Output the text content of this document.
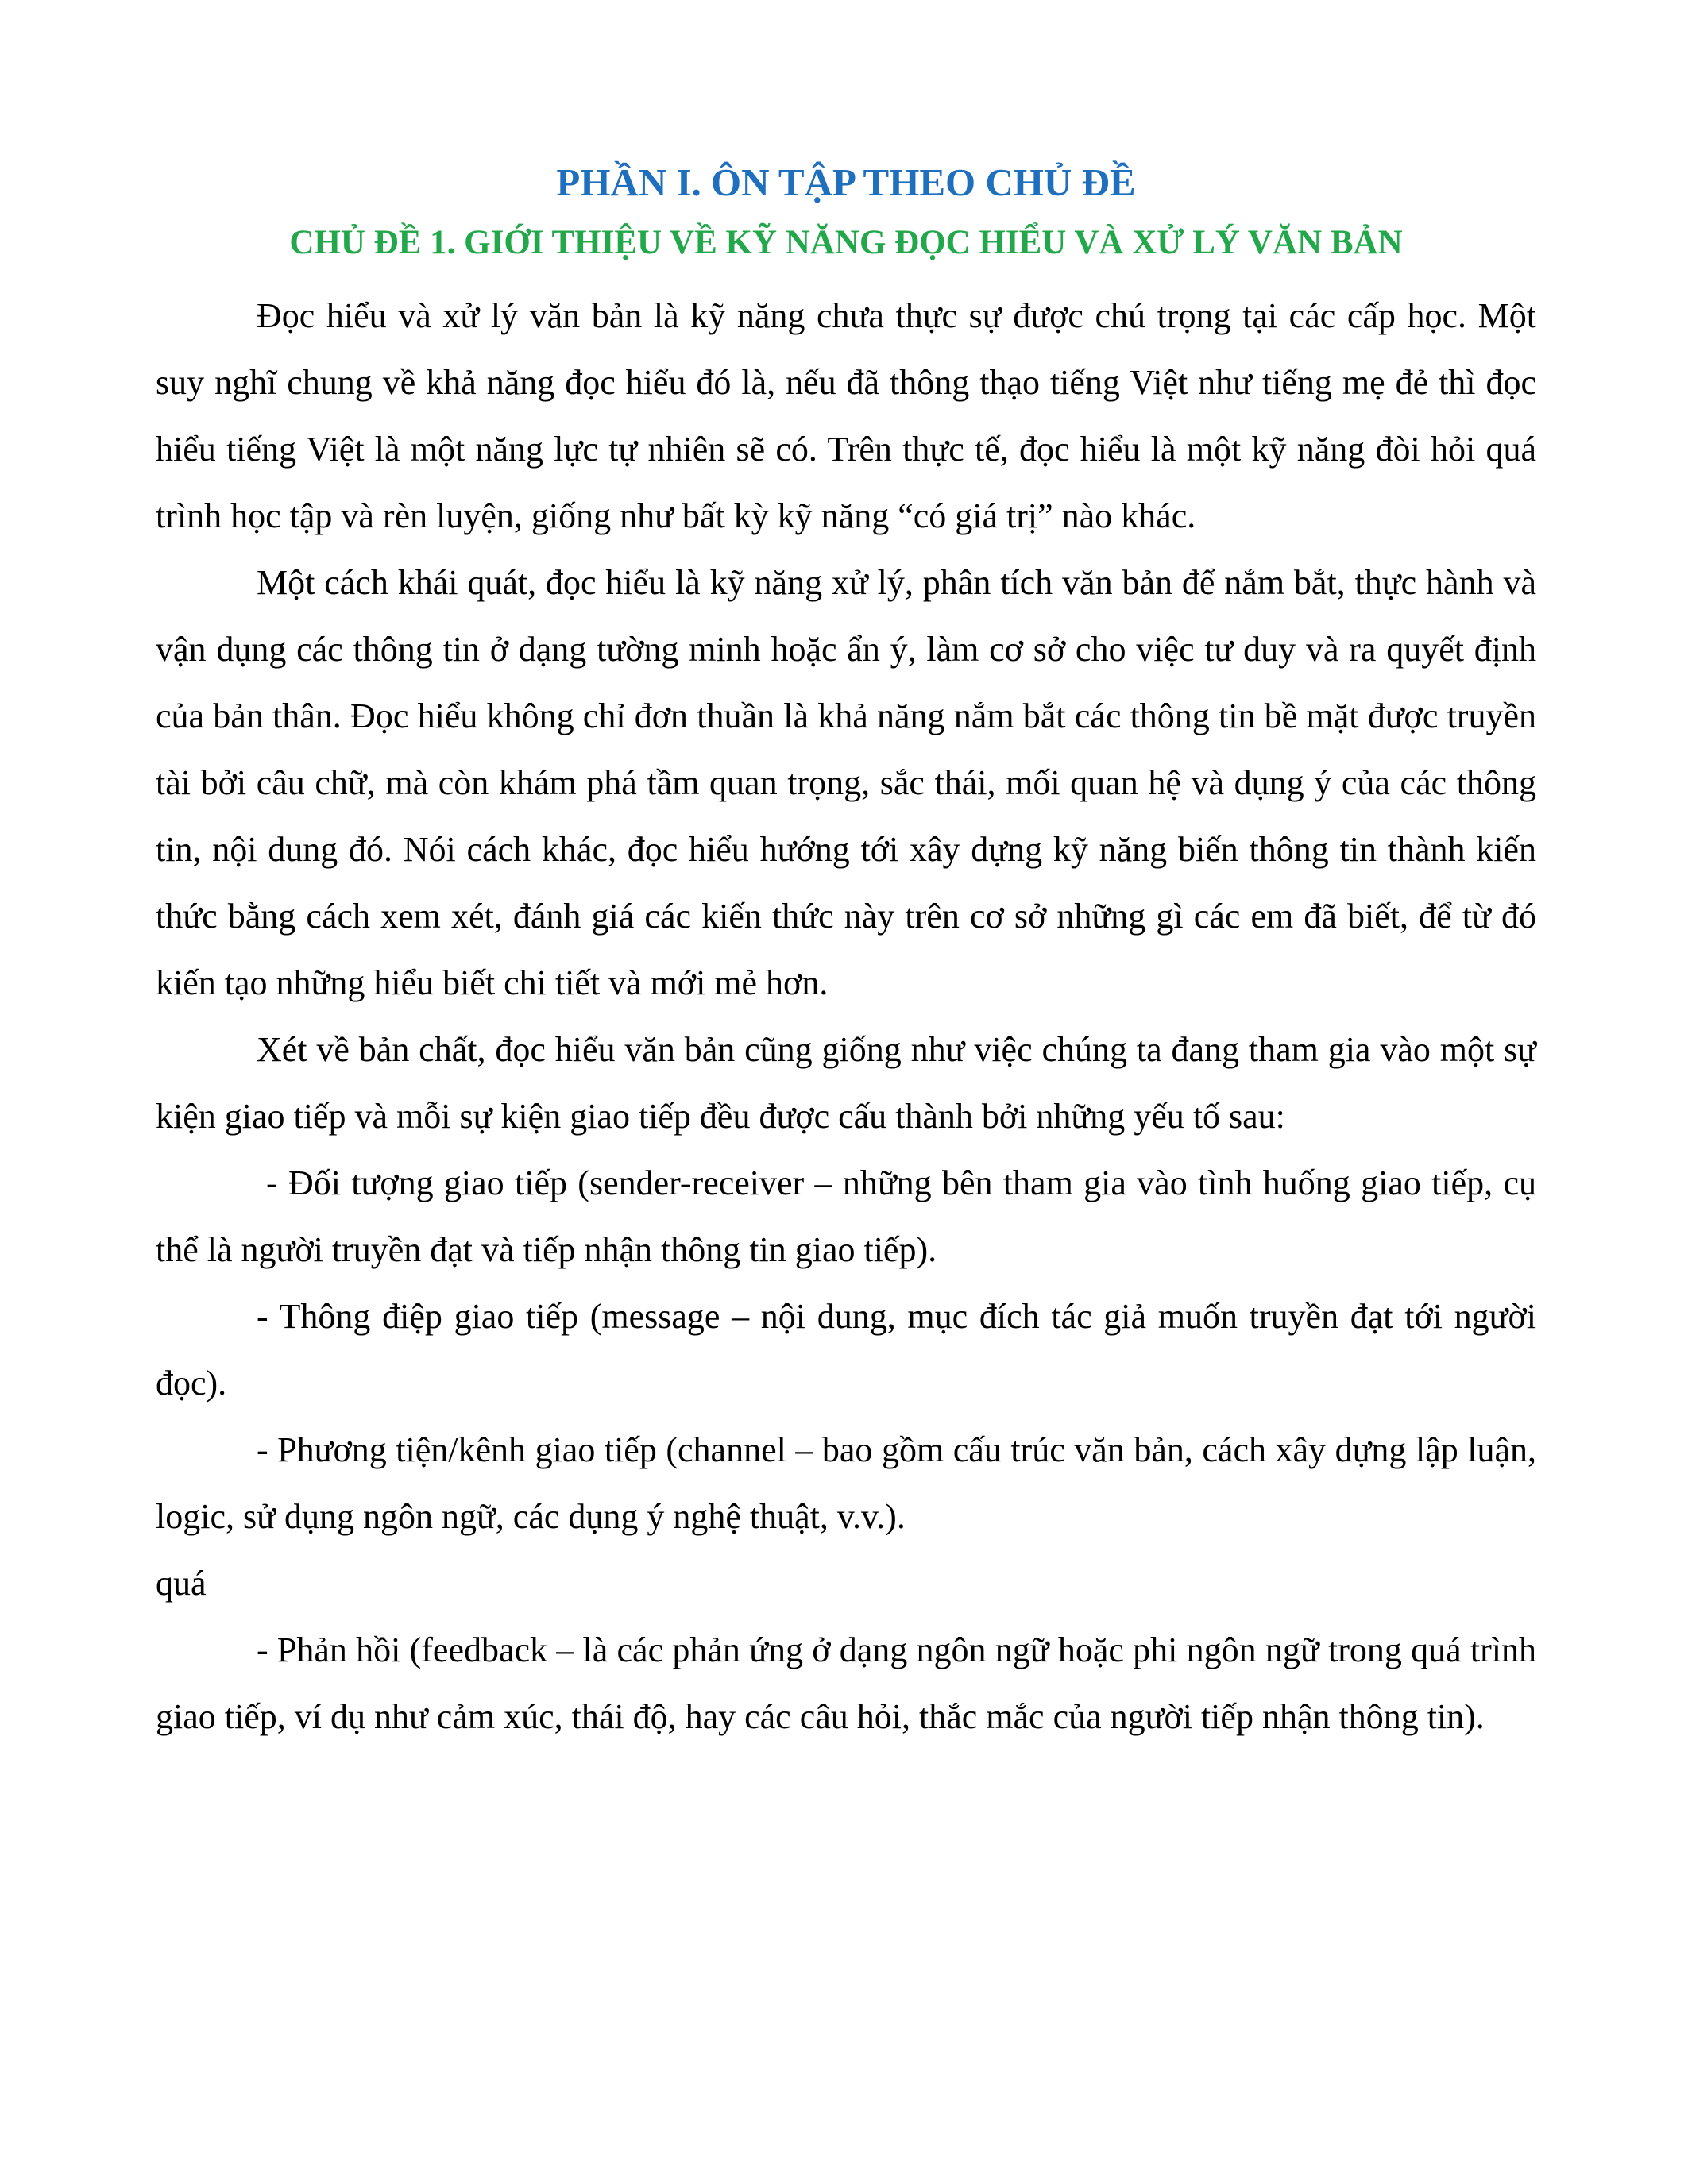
PHẦN I. ÔN TẬP THEO CHỦ ĐỀ
CHỦ ĐỀ 1. GIỚI THIỆU VỀ KỸ NĂNG ĐỌC HIỂU VÀ XỬ LÝ VĂN BẢN

Đọc hiểu và xử lý văn bản là kỹ năng chưa thực sự được chú trọng tại các cấp học. Một suy nghĩ chung về khả năng đọc hiểu đó là, nếu đã thông thạo tiếng Việt như tiếng mẹ đẻ thì đọc hiểu tiếng Việt là một năng lực tự nhiên sẽ có. Trên thực tế, đọc hiểu là một kỹ năng đòi hỏi quá trình học tập và rèn luyện, giống như bất kỳ kỹ năng “có giá trị” nào khác.

Một cách khái quát, đọc hiểu là kỹ năng xử lý, phân tích văn bản để nắm bắt, thực hành và vận dụng các thông tin ở dạng tường minh hoặc ẩn ý, làm cơ sở cho việc tư duy và ra quyết định của bản thân. Đọc hiểu không chỉ đơn thuần là khả năng nắm bắt các thông tin bề mặt được truyền tài bởi câu chữ, mà còn khám phá tầm quan trọng, sắc thái, mối quan hệ và dụng ý của các thông tin, nội dung đó. Nói cách khác, đọc hiểu hướng tới xây dựng kỹ năng biến thông tin thành kiến thức bằng cách xem xét, đánh giá các kiến thức này trên cơ sở những gì các em đã biết, để từ đó kiến tạo những hiểu biết chi tiết và mới mẻ hơn.

Xét về bản chất, đọc hiểu văn bản cũng giống như việc chúng ta đang tham gia vào một sự kiện giao tiếp và mỗi sự kiện giao tiếp đều được cấu thành bởi những yếu tố sau:

- Đối tượng giao tiếp (sender-receiver – những bên tham gia vào tình huống giao tiếp, cụ thể là người truyền đạt và tiếp nhận thông tin giao tiếp).

- Thông điệp giao tiếp (message – nội dung, mục đích tác giả muốn truyền đạt tới người đọc).

- Phương tiện/kênh giao tiếp (channel – bao gồm cấu trúc văn bản, cách xây dựng lập luận, logic, sử dụng ngôn ngữ, các dụng ý nghệ thuật, v.v.).

quá

- Phản hồi (feedback – là các phản ứng ở dạng ngôn ngữ hoặc phi ngôn ngữ trong quá trình giao tiếp, ví dụ như cảm xúc, thái độ, hay các câu hỏi, thắc mắc của người tiếp nhận thông tin).
